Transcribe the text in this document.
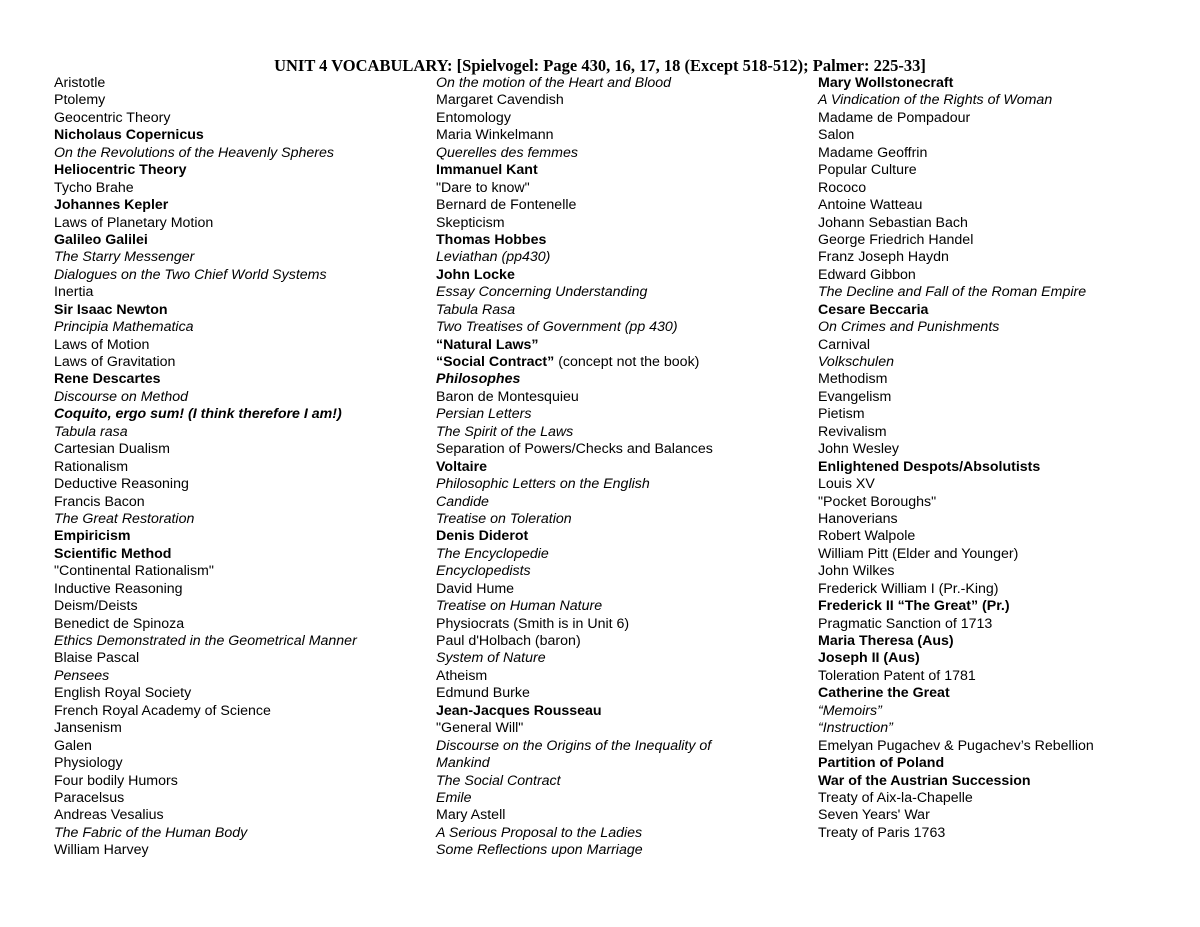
UNIT 4 VOCABULARY: [Spielvogel: Page 430, 16, 17, 18 (Except 518-512); Palmer: 225-33]
Aristotle
Ptolemy
Geocentric Theory
Nicholaus Copernicus
On the Revolutions of the Heavenly Spheres
Heliocentric Theory
Tycho Brahe
Johannes Kepler
Laws of Planetary Motion
Galileo Galilei
The Starry Messenger
Dialogues on the Two Chief World Systems
Inertia
Sir Isaac Newton
Principia Mathematica
Laws of Motion
Laws of Gravitation
Rene Descartes
Discourse on Method
Coquito, ergo sum! (I think therefore I am!)
Tabula rasa
Cartesian Dualism
Rationalism
Deductive Reasoning
Francis Bacon
The Great Restoration
Empiricism
Scientific Method
"Continental Rationalism"
Inductive Reasoning
Deism/Deists
Benedict de Spinoza
Ethics Demonstrated in the Geometrical Manner
Blaise Pascal
Pensees
English Royal Society
French Royal Academy of Science
Jansenism
Galen
Physiology
Four bodily Humors
Paracelsus
Andreas Vesalius
The Fabric of the Human Body
William Harvey
On the motion of the Heart and Blood
Margaret Cavendish
Entomology
Maria Winkelmann
Querelles des femmes
Immanuel Kant
"Dare to know"
Bernard de Fontenelle
Skepticism
Thomas Hobbes
Leviathan (pp430)
John Locke
Essay Concerning Understanding
Tabula Rasa
Two Treatises of Government (pp 430)
“Natural Laws”
“Social Contract” (concept not the book)
Philosophes
Baron de Montesquieu
Persian Letters
The Spirit of the Laws
Separation of Powers/Checks and Balances
Voltaire
Philosophic Letters on the English
Candide
Treatise on Toleration
Denis Diderot
The Encyclopedie
Encyclopedists
David Hume
Treatise on Human Nature
Physiocrats (Smith is in Unit 6)
Paul d'Holbach (baron)
System of Nature
Atheism
Edmund Burke
Jean-Jacques Rousseau
"General Will"
Discourse on the Origins of the Inequality of
Mankind
The Social Contract
Emile
Mary Astell
A Serious Proposal to the Ladies
Some Reflections upon Marriage
Mary Wollstonecraft
A Vindication of the Rights of Woman
Madame de Pompadour
Salon
Madame Geoffrin
Popular Culture
Rococo
Antoine Watteau
Johann Sebastian Bach
George Friedrich Handel
Franz Joseph Haydn
Edward Gibbon
The Decline and Fall of the Roman Empire
Cesare Beccaria
On Crimes and Punishments
Carnival
Volkschulen
Methodism
Evangelism
Pietism
Revivalism
John Wesley
Enlightened Despots/Absolutists
Louis XV
"Pocket Boroughs"
Hanoverians
Robert Walpole
William Pitt (Elder and Younger)
John Wilkes
Frederick William I (Pr.-King)
Frederick II “The Great” (Pr.)
Pragmatic Sanction of 1713
Maria Theresa (Aus)
Joseph II (Aus)
Toleration Patent of 1781
Catherine the Great
“Memoirs”
“Instruction”
Emelyan Pugachev & Pugachev’s Rebellion
Partition of Poland
War of the Austrian Succession
Treaty of Aix-la-Chapelle
Seven Years' War
Treaty of Paris 1763
